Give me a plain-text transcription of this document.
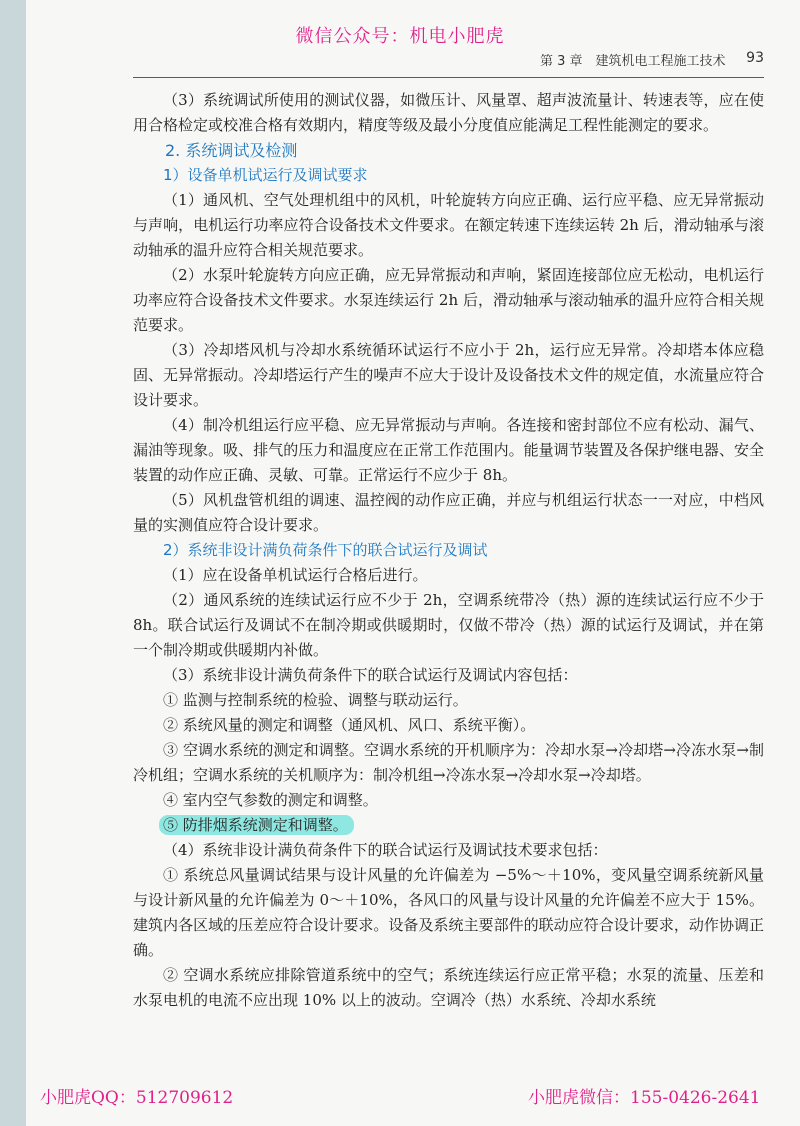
微信公众号：机电小肥虎
第 3 章　建筑机电工程施工技术 93

（3）系统调试所使用的测试仪器，如微压计、风量罩、超声波流量计、转速表等，应在使用合格检定或校准合格有效期内，精度等级及最小分度值应能满足工程性能测定的要求。

2. 系统调试及检测
1）设备单机试运行及调试要求

（1）通风机、空气处理机组中的风机，叶轮旋转方向应正确、运行应平稳、应无异常振动与声响，电机运行功率应符合设备技术文件要求。在额定转速下连续运转 2h 后，滑动轴承与滚动轴承的温升应符合相关规范要求。

（2）水泵叶轮旋转方向应正确，应无异常振动和声响，紧固连接部位应无松动，电机运行功率应符合设备技术文件要求。水泵连续运行 2h 后，滑动轴承与滚动轴承的温升应符合相关规范要求。

（3）冷却塔风机与冷却水系统循环试运行不应小于 2h，运行应无异常。冷却塔本体应稳固、无异常振动。冷却塔运行产生的噪声不应大于设计及设备技术文件的规定值，水流量应符合设计要求。

（4）制冷机组运行应平稳、应无异常振动与声响。各连接和密封部位不应有松动、漏气、漏油等现象。吸、排气的压力和温度应在正常工作范围内。能量调节装置及各保护继电器、安全装置的动作应正确、灵敏、可靠。正常运行不应少于 8h。

（5）风机盘管机组的调速、温控阀的动作应正确，并应与机组运行状态一一对应，中档风量的实测值应符合设计要求。

2）系统非设计满负荷条件下的联合试运行及调试

（1）应在设备单机试运行合格后进行。

（2）通风系统的连续试运行应不少于 2h，空调系统带冷（热）源的连续试运行应不少于 8h。联合试运行及调试不在制冷期或供暖期时，仅做不带冷（热）源的试运行及调试，并在第一个制冷期或供暖期内补做。

（3）系统非设计满负荷条件下的联合试运行及调试内容包括：

① 监测与控制系统的检验、调整与联动运行。

② 系统风量的测定和调整（通风机、风口、系统平衡）。

③ 空调水系统的测定和调整。空调水系统的开机顺序为：冷却水泵→冷却塔→冷冻水泵→制冷机组；空调水系统的关机顺序为：制冷机组→冷冻水泵→冷却水泵→冷却塔。

④ 室内空气参数的测定和调整。

⑤ 防排烟系统测定和调整。

（4）系统非设计满负荷条件下的联合试运行及调试技术要求包括：

① 系统总风量调试结果与设计风量的允许偏差为 −5%～＋10%，变风量空调系统新风量与设计新风量的允许偏差为 0～＋10%，各风口的风量与设计风量的允许偏差不应大于 15%。建筑内各区域的压差应符合设计要求。设备及系统主要部件的联动应符合设计要求，动作协调正确。

② 空调水系统应排除管道系统中的空气；系统连续运行应正常平稳；水泵的流量、压差和水泵电机的电流不应出现 10% 以上的波动。空调冷（热）水系统、冷却水系统

小肥虎QQ：512709612	小肥虎微信：155-0426-2641
